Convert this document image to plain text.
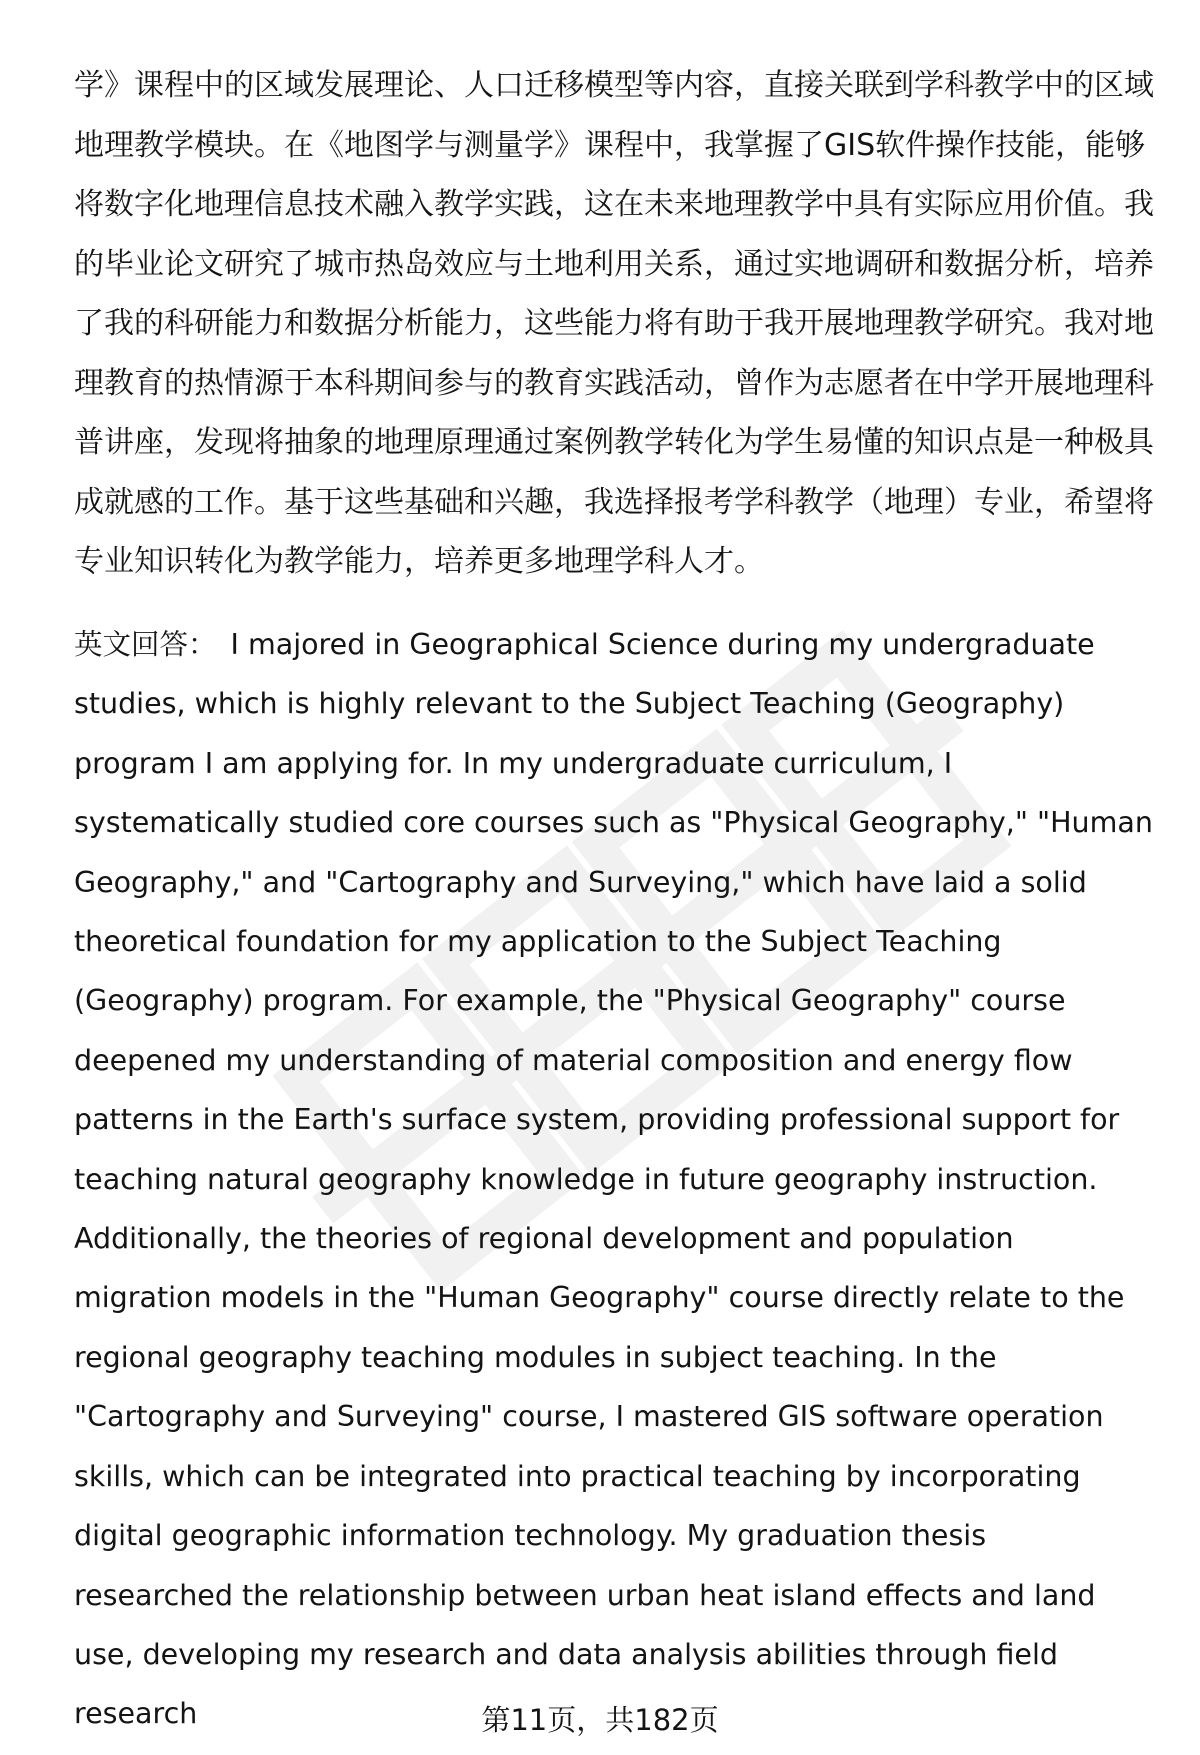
学》课程中的区域发展理论、人口迁移模型等内容，直接关联到学科教学中的区域地理教学模块。在《地图学与测量学》课程中，我掌握了GIS软件操作技能，能够将数字化地理信息技术融入教学实践，这在未来地理教学中具有实际应用价值。我的毕业论文研究了城市热岛效应与土地利用关系，通过实地调研和数据分析，培养了我的科研能力和数据分析能力，这些能力将有助于我开展地理教学研究。我对地理教育的热情源于本科期间参与的教育实践活动，曾作为志愿者在中学开展地理科普讲座，发现将抽象的地理原理通过案例教学转化为学生易懂的知识点是一种极具成就感的工作。基于这些基础和兴趣，我选择报考学科教学（地理）专业，希望将专业知识转化为教学能力，培养更多地理学科人才。

英文回答： I majored in Geographical Science during my undergraduate studies, which is highly relevant to the Subject Teaching (Geography) program I am applying for. In my undergraduate curriculum, I systematically studied core courses such as "Physical Geography," "Human Geography," and "Cartography and Surveying," which have laid a solid theoretical foundation for my application to the Subject Teaching (Geography) program. For example, the "Physical Geography" course deepened my understanding of material composition and energy flow patterns in the Earth's surface system, providing professional support for teaching natural geography knowledge in future geography instruction. Additionally, the theories of regional development and population migration models in the "Human Geography" course directly relate to the regional geography teaching modules in subject teaching. In the "Cartography and Surveying" course, I mastered GIS software operation skills, which can be integrated into practical teaching by incorporating digital geographic information technology. My graduation thesis researched the relationship between urban heat island effects and land use, developing my research and data analysis abilities through field research	第11页，共182页
